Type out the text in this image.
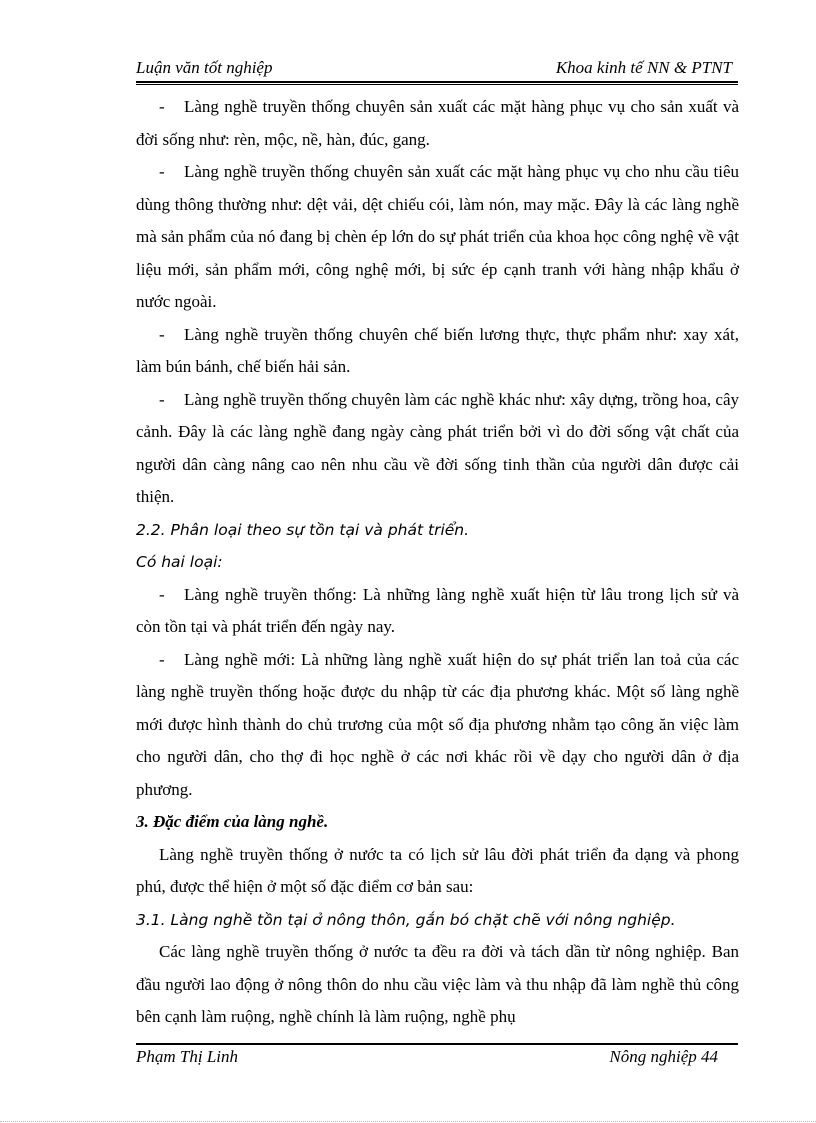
Luận văn tốt nghiệp	Khoa kinh tế NN & PTNT

- Làng nghề truyền thống chuyên sản xuất các mặt hàng phục vụ cho sản xuất và đời sống như: rèn, mộc, nề, hàn, đúc, gang.

- Làng nghề truyền thống chuyên sản xuất các mặt hàng phục vụ cho nhu cầu tiêu dùng thông thường như: dệt vải, dệt chiếu cói, làm nón, may mặc. Đây là các làng nghề mà sản phẩm của nó đang bị chèn ép lớn do sự phát triển của khoa học công nghệ về vật liệu mới, sản phẩm mới, công nghệ mới, bị sức ép cạnh tranh với hàng nhập khẩu ở nước ngoài.

- Làng nghề truyền thống chuyên chế biến lương thực, thực phẩm như: xay xát, làm bún bánh, chế biến hải sản.

- Làng nghề truyền thống chuyên làm các nghề khác như: xây dựng, trồng hoa, cây cảnh. Đây là các làng nghề đang ngày càng phát triển bởi vì do đời sống vật chất của người dân càng nâng cao nên nhu cầu về đời sống tinh thần của người dân được cải thiện.

2.2. Phân loại theo sự tồn tại và phát triển.

Có hai loại:

- Làng nghề truyền thống: Là những làng nghề xuất hiện từ lâu trong lịch sử và còn tồn tại và phát triển đến ngày nay.

- Làng nghề mới: Là những làng nghề xuất hiện do sự phát triển lan toả của các làng nghề truyền thống hoặc được du nhập từ các địa phương khác. Một số làng nghề mới được hình thành do chủ trương của một số địa phương nhằm tạo công ăn việc làm cho người dân, cho thợ đi học nghề ở các nơi khác rồi về dạy cho người dân ở địa phương.

3. Đặc điểm của làng nghề.

Làng nghề truyền thống ở nước ta có lịch sử lâu đời phát triển đa dạng và phong phú, được thể hiện ở một số đặc điểm cơ bản sau:

3.1. Làng nghề tồn tại ở nông thôn, gắn bó chặt chẽ với nông nghiệp.

Các làng nghề truyền thống ở nước ta đều ra đời và tách dần từ nông nghiệp. Ban đầu người lao động ở nông thôn do nhu cầu việc làm và thu nhập đã làm nghề thủ công bên cạnh làm ruộng, nghề chính là làm ruộng, nghề phụ

Phạm Thị Linh	Nông nghiệp 44
